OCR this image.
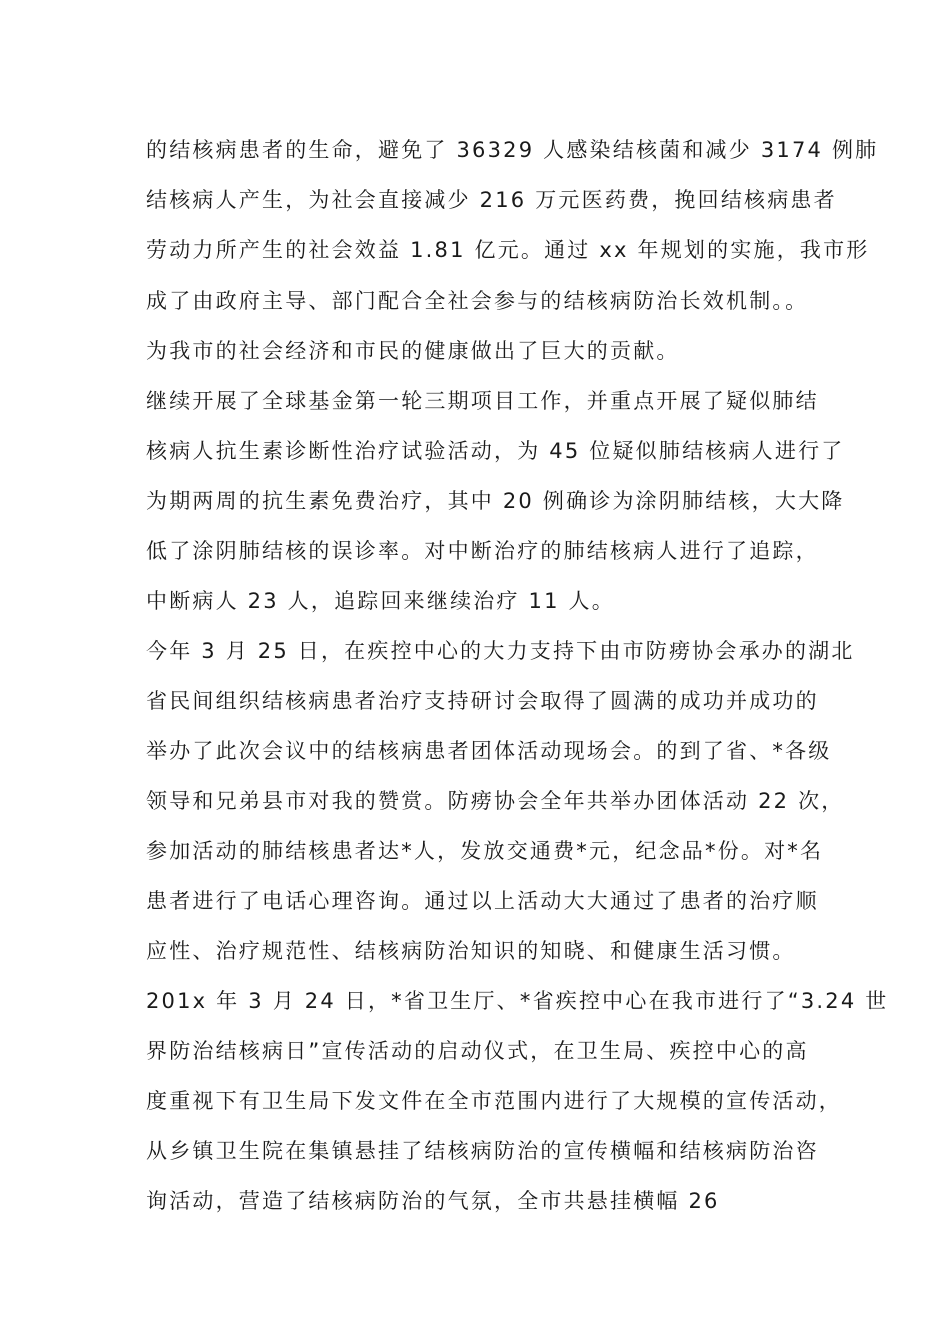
的结核病患者的生命，避免了 36329 人感染结核菌和减少 3174 例肺
结核病人产生，为社会直接减少 216 万元医药费，挽回结核病患者
劳动力所产生的社会效益 1.81 亿元。通过 xx 年规划的实施，我市形
成了由政府主导、部门配合全社会参与的结核病防治长效机制。。
为我市的社会经济和市民的健康做出了巨大的贡献。
继续开展了全球基金第一轮三期项目工作，并重点开展了疑似肺结
核病人抗生素诊断性治疗试验活动，为 45 位疑似肺结核病人进行了
为期两周的抗生素免费治疗，其中 20 例确诊为涂阴肺结核，大大降
低了涂阴肺结核的误诊率。对中断治疗的肺结核病人进行了追踪，
中断病人 23 人，追踪回来继续治疗 11 人。
今年 3 月 25 日，在疾控中心的大力支持下由市防痨协会承办的湖北
省民间组织结核病患者治疗支持研讨会取得了圆满的成功并成功的
举办了此次会议中的结核病患者团体活动现场会。的到了省、*各级
领导和兄弟县市对我的赞赏。防痨协会全年共举办团体活动 22 次，
参加活动的肺结核患者达*人，发放交通费*元，纪念品*份。对*名
患者进行了电话心理咨询。通过以上活动大大通过了患者的治疗顺
应性、治疗规范性、结核病防治知识的知晓、和健康生活习惯。
201x 年 3 月 24 日，*省卫生厅、*省疾控中心在我市进行了“3.24 世
界防治结核病日”宣传活动的启动仪式，在卫生局、疾控中心的高
度重视下有卫生局下发文件在全市范围内进行了大规模的宣传活动，
从乡镇卫生院在集镇悬挂了结核病防治的宣传横幅和结核病防治咨
询活动，营造了结核病防治的气氛，全市共悬挂横幅 26
